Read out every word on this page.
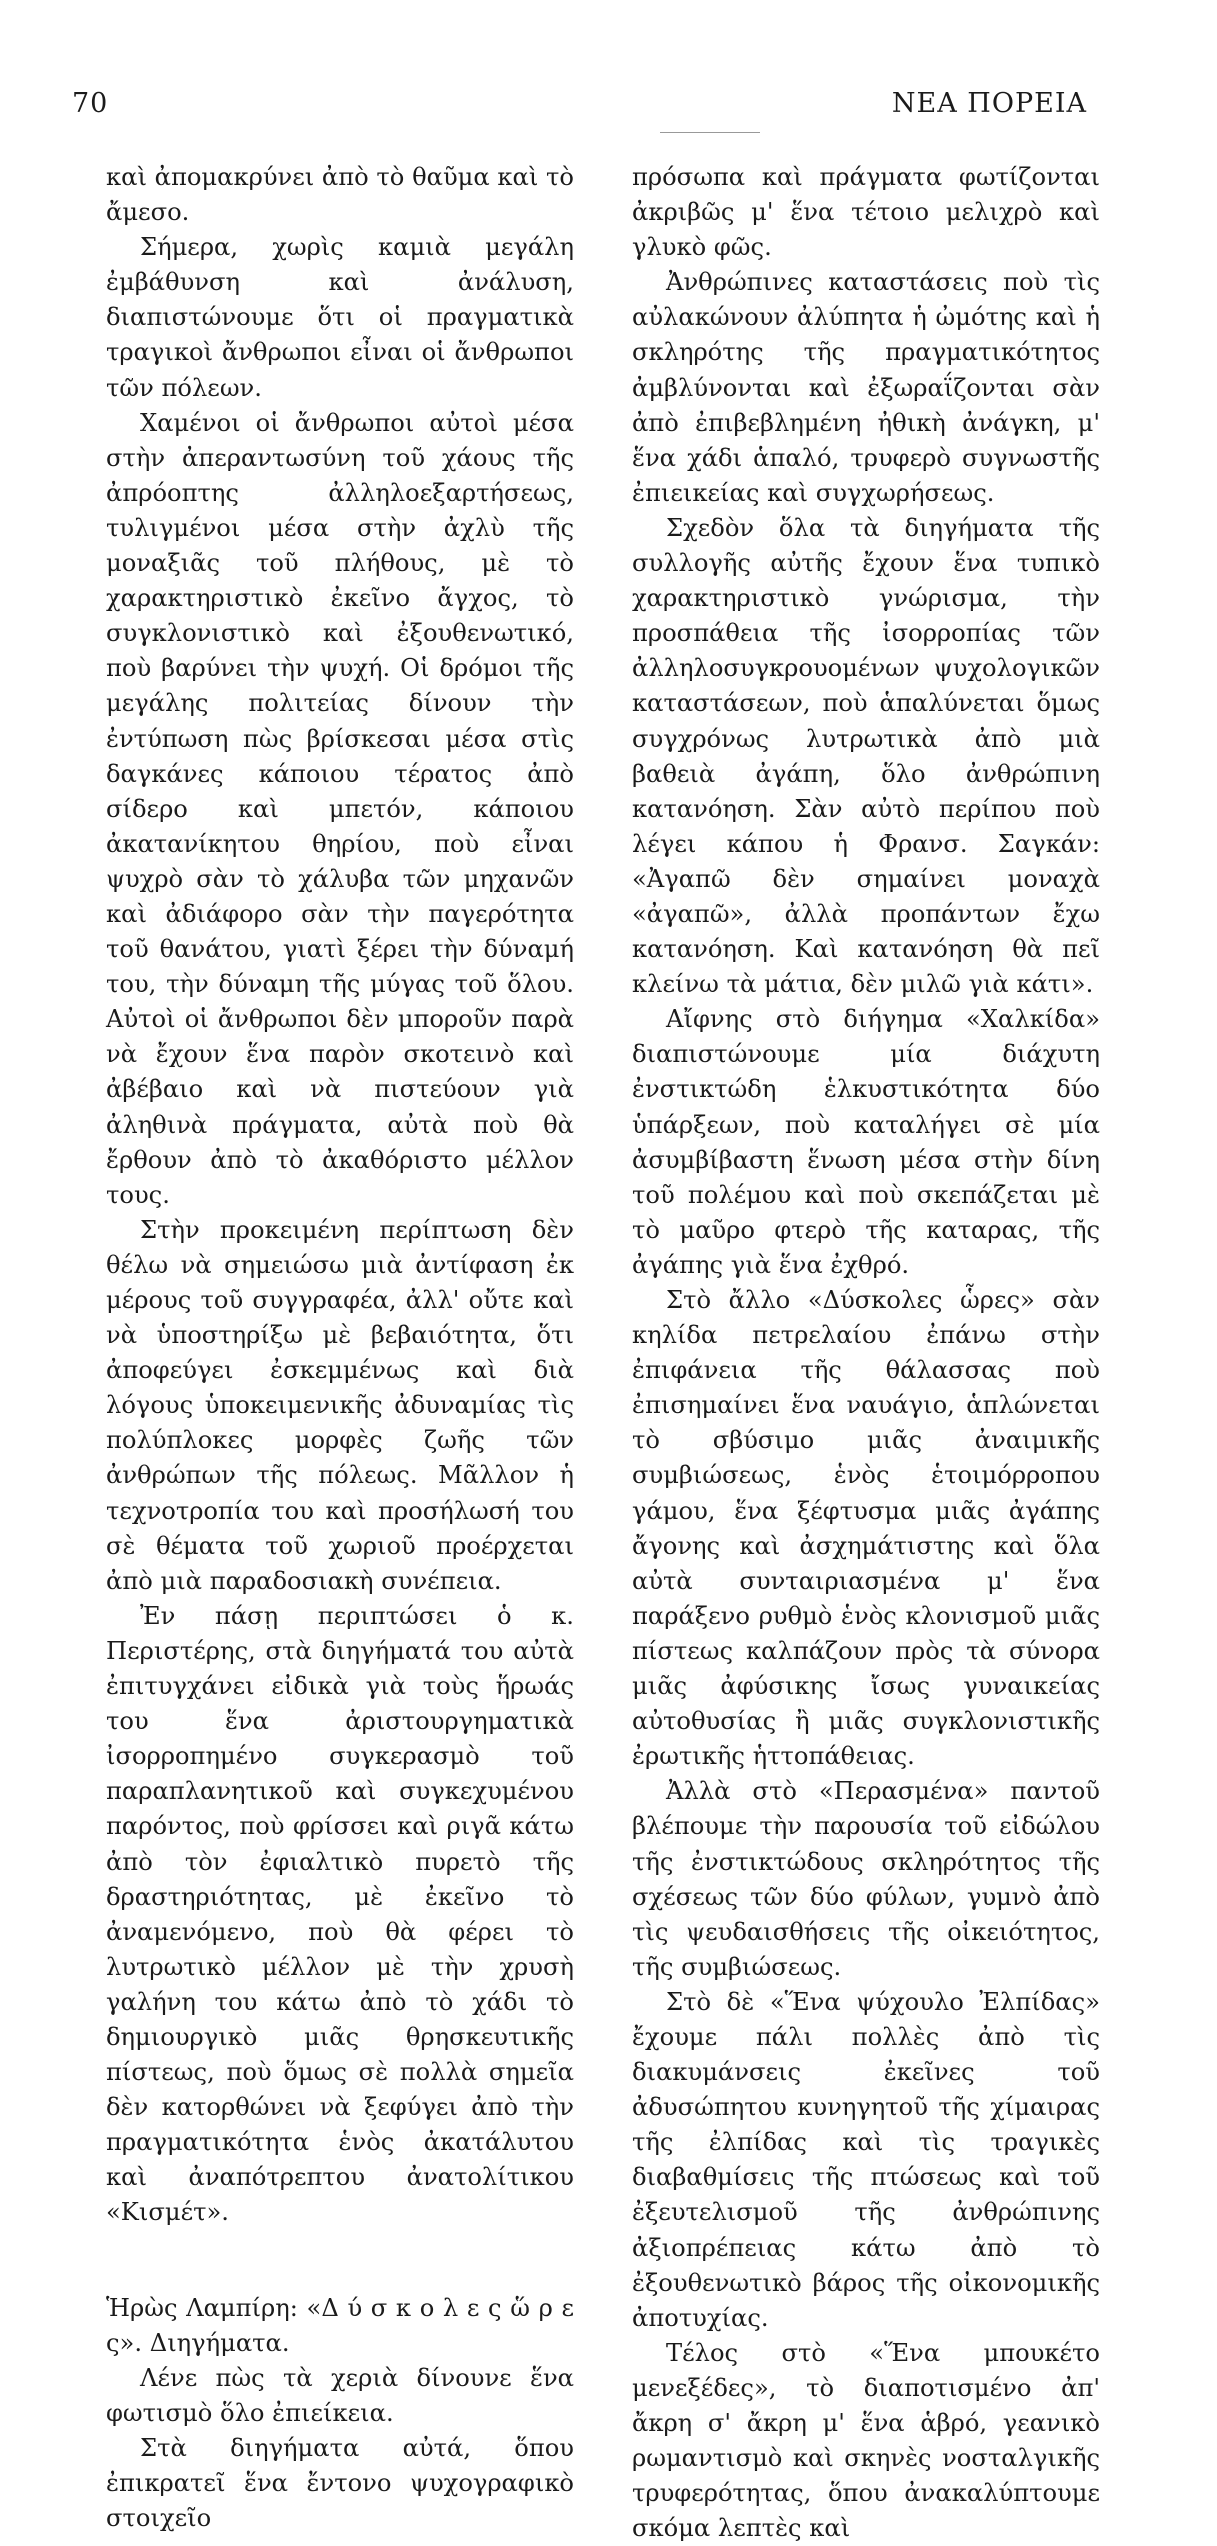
70	ΝΕΑ ΠΟΡΕΙΑ

καὶ ἀπομακρύνει ἀπὸ τὸ θαῦμα καὶ τὸ ἄμεσο.

Σήμερα, χωρὶς καμιὰ μεγάλη ἐμβάθυνση καὶ ἀνάλυση, διαπιστώνουμε ὅτι οἱ πραγματικὰ τραγικοὶ ἄνθρωποι εἶναι οἱ ἄνθρωποι τῶν πόλεων.

Χαμένοι οἱ ἄνθρωποι αὐτοὶ μέσα στὴν ἀπεραντωσύνη τοῦ χάους τῆς ἀπρόοπτης ἀλληλοεξαρτήσεως, τυλιγμένοι μέσα στὴν ἀχλὺ τῆς μοναξιᾶς τοῦ πλήθους, μὲ τὸ χαρακτηριστικὸ ἐκεῖνο ἄγχος, τὸ συγκλονιστικὸ καὶ ἐξουθενωτικό, ποὺ βαρύνει τὴν ψυχή. Οἱ δρόμοι τῆς μεγάλης πολιτείας δίνουν τὴν ἐντύπωση πὼς βρίσκεσαι μέσα στὶς δαγκάνες κάποιου τέρατος ἀπὸ σίδερο καὶ μπετόν, κάποιου ἀκατανίκητου θηρίου, ποὺ εἶναι ψυχρὸ σὰν τὸ χάλυβα τῶν μηχανῶν καὶ ἀδιάφορο σὰν τὴν παγερότητα τοῦ θανάτου, γιατὶ ξέρει τὴν δύναμή του, τὴν δύναμη τῆς μύγας τοῦ ὅλου. Αὐτοὶ οἱ ἄνθρωποι δὲν μποροῦν παρὰ νὰ ἔχουν ἕνα παρὸν σκοτεινὸ καὶ ἀβέβαιο καὶ νὰ πιστεύουν γιὰ ἀληθινὰ πράγματα, αὐτὰ ποὺ θὰ ἔρθουν ἀπὸ τὸ ἀκαθόριστο μέλλον τους.

Στὴν προκειμένη περίπτωση δὲν θέλω νὰ σημειώσω μιὰ ἀντίφαση ἐκ μέρους τοῦ συγγραφέα, ἀλλ' οὔτε καὶ νὰ ὑποστηρίξω μὲ βεβαιότητα, ὅτι ἀποφεύγει ἐσκεμμένως καὶ διὰ λόγους ὑποκειμενικῆς ἀδυναμίας τὶς πολύπλοκες μορφὲς ζωῆς τῶν ἀνθρώπων τῆς πόλεως. Μᾶλλον ἡ τεχνοτροπία του καὶ προσήλωσή του σὲ θέματα τοῦ χωριοῦ προέρχεται ἀπὸ μιὰ παραδοσιακὴ συνέπεια.

Ἐν πάσῃ περιπτώσει ὁ κ. Περιστέρης, στὰ διηγήματά του αὐτὰ ἐπιτυγχάνει εἰδικὰ γιὰ τοὺς ἥρωάς του ἕνα ἀριστουργηματικὰ ἰσορροπημένο συγκερασμὸ τοῦ παραπλανητικοῦ καὶ συγκεχυμένου παρόντος, ποὺ φρίσσει καὶ ριγᾶ κάτω ἀπὸ τὸν ἐφιαλτικὸ πυρετὸ τῆς δραστηριότητας, μὲ ἐκεῖνο τὸ ἀναμενόμενο, ποὺ θὰ φέρει τὸ λυτρωτικὸ μέλλον μὲ τὴν χρυσὴ γαλήνη του κάτω ἀπὸ τὸ χάδι τὸ δημιουργικὸ μιᾶς θρησκευτικῆς πίστεως, ποὺ ὅμως σὲ πολλὰ σημεῖα δὲν κατορθώνει νὰ ξεφύγει ἀπὸ τὴν πραγματικότητα ἑνὸς ἀκατάλυτου καὶ ἀναπότρεπτου ἀνατολίτικου «Κισμέτ».

Ἡρὼς Λαμπίρη: «Δ ύ σ κ ο λ ε ς ὥ ρ ε ς». Διηγήματα.

Λένε πὼς τὰ χεριὰ δίνουνε ἕνα φωτισμὸ ὅλο ἐπιείκεια.

Στὰ διηγήματα αὐτά, ὅπου ἐπικρατεῖ ἕνα ἔντονο ψυχογραφικὸ στοιχεῖο

πρόσωπα καὶ πράγματα φωτίζονται ἀκριβῶς μ' ἕνα τέτοιο μελιχρὸ καὶ γλυκὸ φῶς.

Ἀνθρώπινες καταστάσεις ποὺ τὶς αὐλακώνουν ἀλύπητα ἡ ὠμότης καὶ ἡ σκληρότης τῆς πραγματικότητος ἀμβλύνονται καὶ ἐξωραΐζονται σὰν ἀπὸ ἐπιβεβλημένη ἠθικὴ ἀνάγκη, μ' ἕνα χάδι ἁπαλό, τρυφερὸ συγνωστῆς ἐπιεικείας καὶ συγχωρήσεως.

Σχεδὸν ὅλα τὰ διηγήματα τῆς συλλογῆς αὐτῆς ἔχουν ἕνα τυπικὸ χαρακτηριστικὸ γνώρισμα, τὴν προσπάθεια τῆς ἰσορροπίας τῶν ἀλληλοσυγκρουομένων ψυχολογικῶν καταστάσεων, ποὺ ἁπαλύνεται ὅμως συγχρόνως λυτρωτικὰ ἀπὸ μιὰ βαθειὰ ἀγάπη, ὅλο ἀνθρώπινη κατανόηση. Σὰν αὐτὸ περίπου ποὺ λέγει κάπου ἡ Φρανσ. Σαγκάν: «Ἀγαπῶ δὲν σημαίνει μοναχὰ «ἀγαπῶ», ἀλλὰ προπάντων ἔχω κατανόηση. Καὶ κατανόηση θὰ πεῖ κλείνω τὰ μάτια, δὲν μιλῶ γιὰ κάτι».

Αἴφνης στὸ διήγημα «Χαλκίδα» διαπιστώνουμε μία διάχυτη ἐνστικτώδη ἑλκυστικότητα δύο ὑπάρξεων, ποὺ καταλήγει σὲ μία ἀσυμβίβαστη ἕνωση μέσα στὴν δίνη τοῦ πολέμου καὶ ποὺ σκεπάζεται μὲ τὸ μαῦρο φτερὸ τῆς καταρας, τῆς ἀγάπης γιὰ ἕνα ἐχθρό.

Στὸ ἄλλο «Δύσκολες ὧρες» σὰν κηλίδα πετρελαίου ἐπάνω στὴν ἐπιφάνεια τῆς θάλασσας ποὺ ἐπισημαίνει ἕνα ναυάγιο, ἁπλώνεται τὸ σβύσιμο μιᾶς ἀναιμικῆς συμβιώσεως, ἑνὸς ἑτοιμόρροπου γάμου, ἕνα ξέφτυσμα μιᾶς ἀγάπης ἄγονης καὶ ἀσχημάτιστης καὶ ὅλα αὐτὰ συνταιριασμένα μ' ἕνα παράξενο ρυθμὸ ἑνὸς κλονισμοῦ μιᾶς πίστεως καλπάζουν πρὸς τὰ σύνορα μιᾶς ἀφύσικης ἴσως γυναικείας αὐτοθυσίας ἢ μιᾶς συγκλονιστικῆς ἐρωτικῆς ἡττοπάθειας.

Ἀλλὰ στὸ «Περασμένα» παντοῦ βλέπουμε τὴν παρουσία τοῦ εἰδώλου τῆς ἐνστικτώδους σκληρότητος τῆς σχέσεως τῶν δύο φύλων, γυμνὸ ἀπὸ τὶς ψευδαισθήσεις τῆς οἰκειότητος, τῆς συμβιώσεως.

Στὸ δὲ «Ἕνα ψύχουλο Ἐλπίδας» ἔχουμε πάλι πολλὲς ἀπὸ τὶς διακυμάνσεις ἐκεῖνες τοῦ ἀδυσώπητου κυνηγητοῦ τῆς χίμαιρας τῆς ἐλπίδας καὶ τὶς τραγικὲς διαβαθμίσεις τῆς πτώσεως καὶ τοῦ ἐξευτελισμοῦ τῆς ἀνθρώπινης ἀξιοπρέπειας κάτω ἀπὸ τὸ ἐξουθενωτικὸ βάρος τῆς οἰκονομικῆς ἀποτυχίας.

Τέλος στὸ «Ἕνα μπουκέτο μενεξέδες», τὸ διαποτισμένο ἀπ' ἄκρη σ' ἄκρη μ' ἕνα ἁβρό, γεανικὸ ρωμαντισμὸ καὶ σκηνὲς νοσταλγικῆς τρυφερότητας, ὅπου ἀνακαλύπτουμε σκόμα λεπτὲς καὶ
